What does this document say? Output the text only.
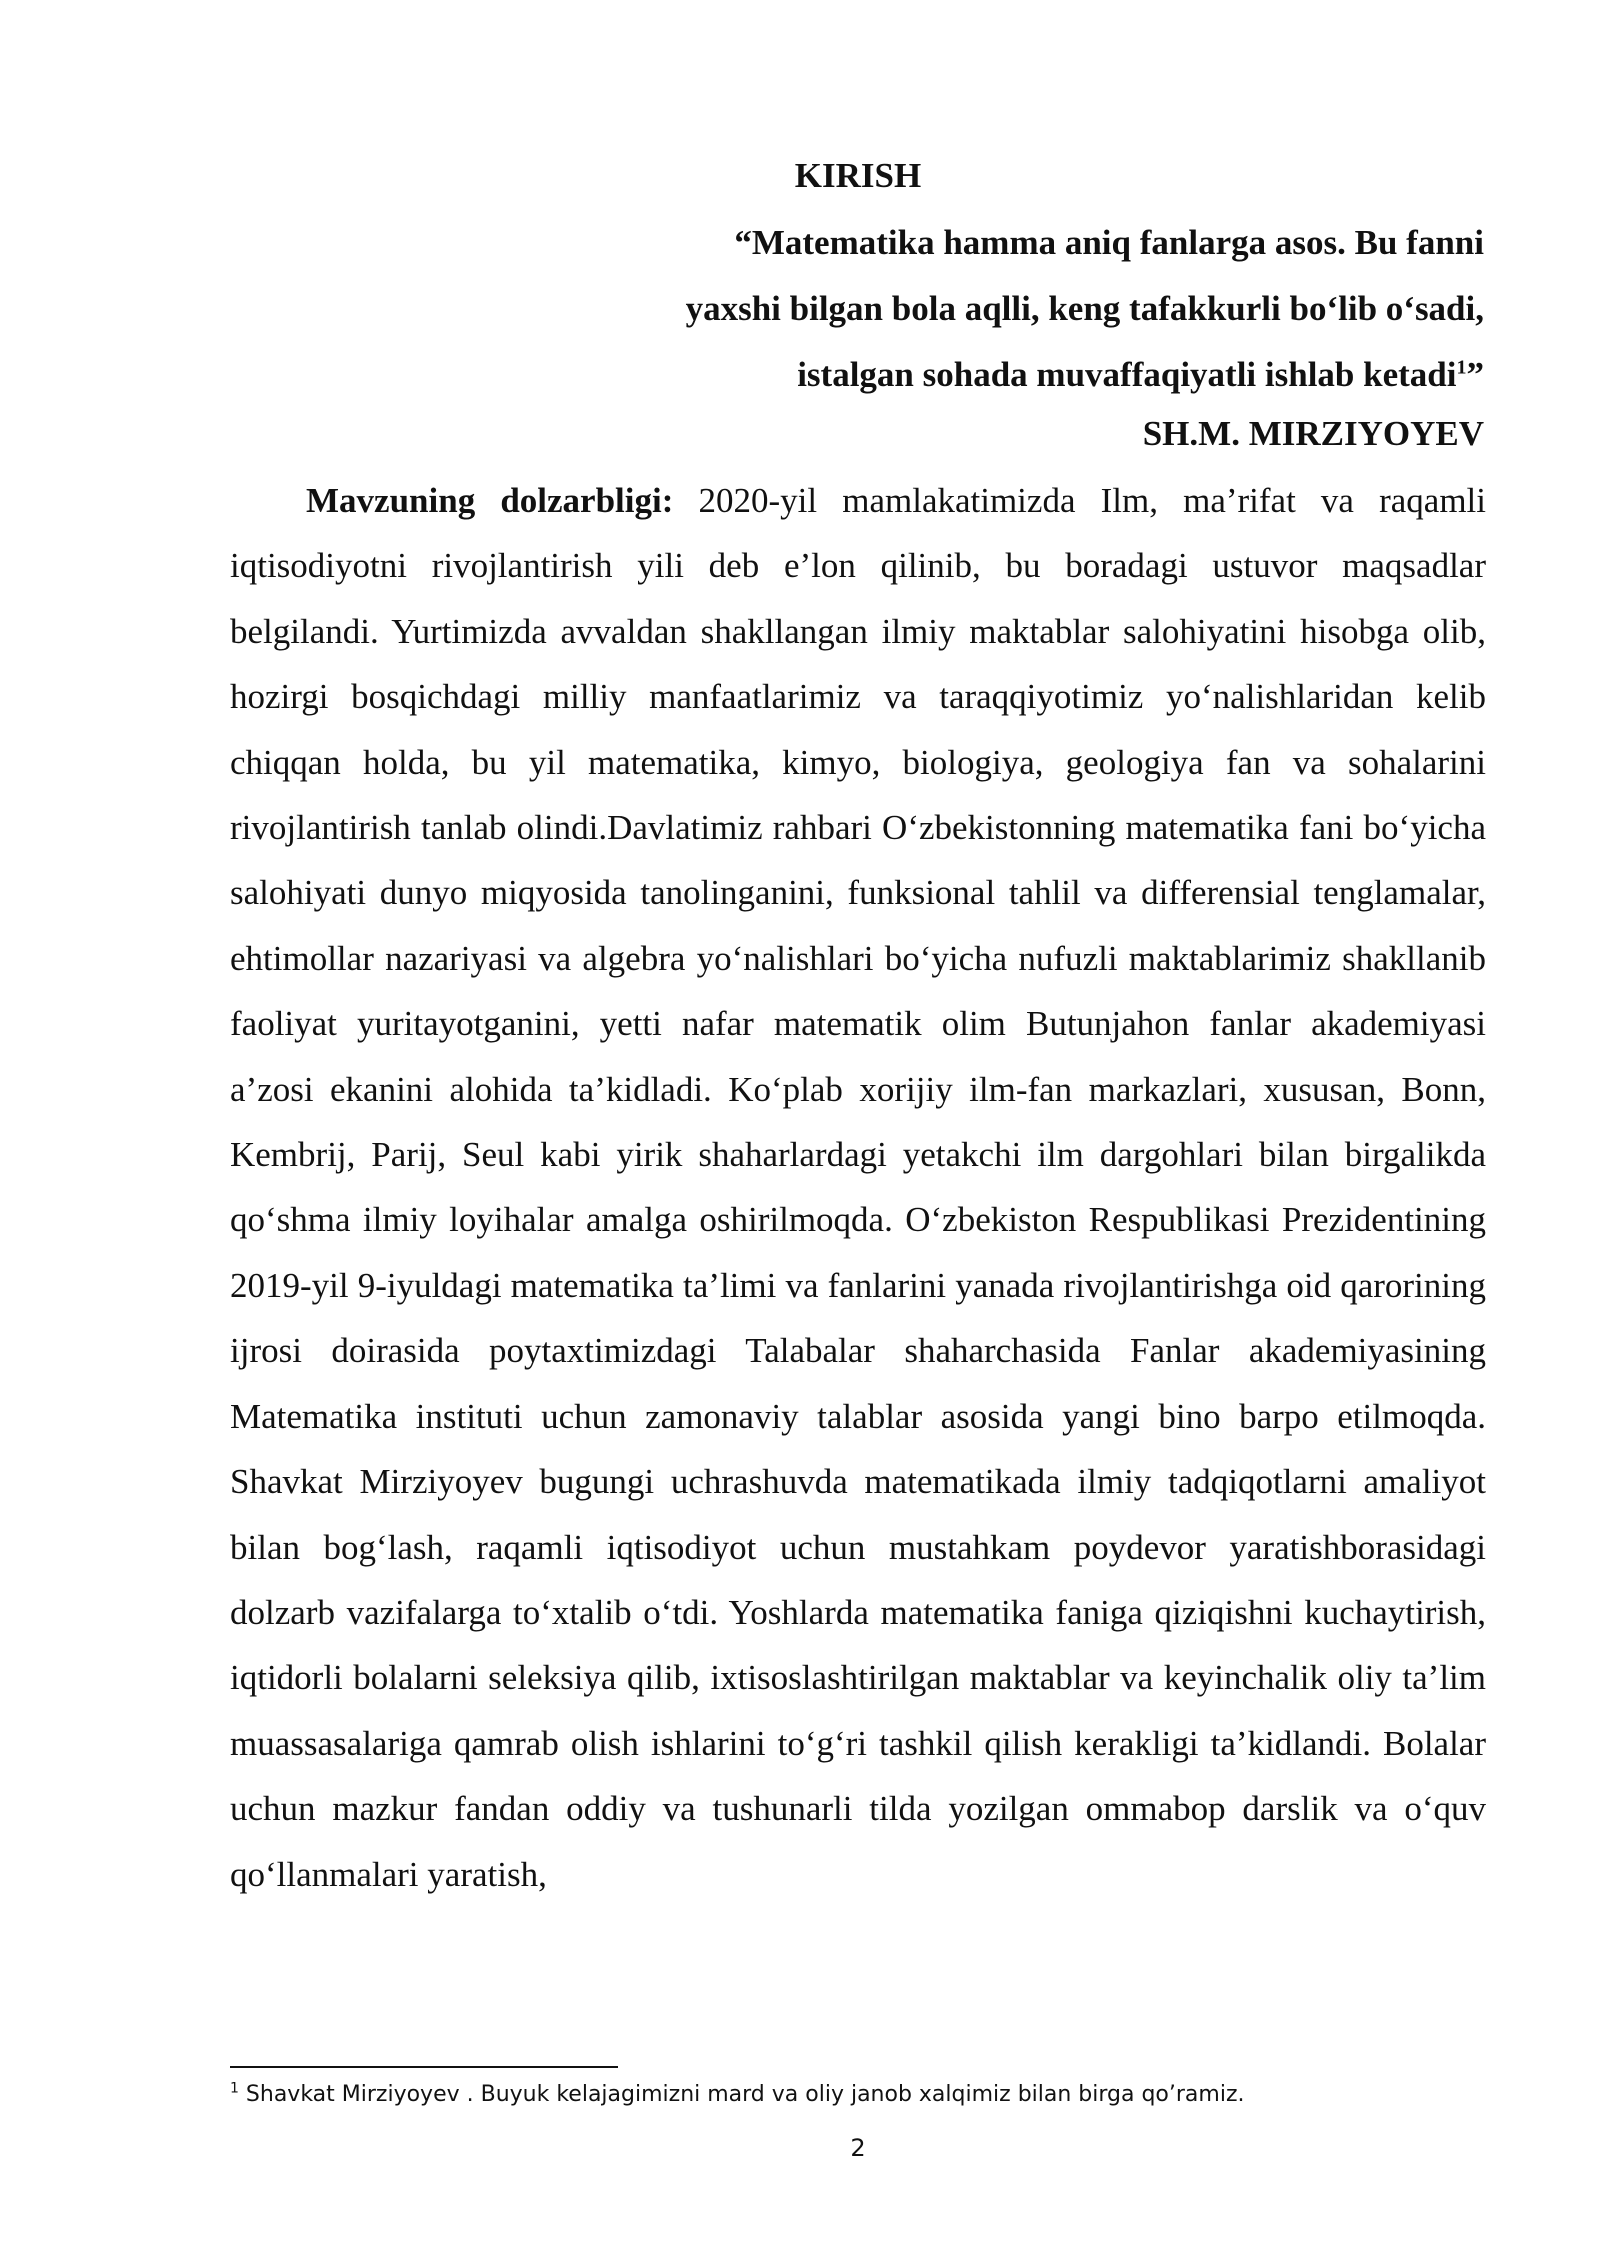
KIRISH
“Matematika hamma aniq fanlarga asos. Bu fanni
yaxshi bilgan bola aqlli, keng tafakkurli bo‘lib o‘sadi,
istalgan sohada muvaffaqiyatli ishlab ketadi$^1$”
SH.M. MIRZIYOYEV

Mavzuning dolzarbligi: 2020-yil mamlakatimizda Ilm, ma’rifat va raqamli iqtisodiyotni rivojlantirish yili deb e’lon qilinib, bu boradagi ustuvor maqsadlar belgilandi. Yurtimizda avvaldan shakllangan ilmiy maktablar salohiyatini hisobga olib, hozirgi bosqichdagi milliy manfaatlarimiz va taraqqiyotimiz yo‘nalishlaridan kelib chiqqan holda, bu yil matematika, kimyo, biologiya, geologiya fan va sohalarini rivojlantirish tanlab olindi.Davlatimiz rahbari O‘zbekistonning matematika fani bo‘yicha salohiyati dunyo miqyosida tanolinganini, funksional tahlil va differensial tenglamalar, ehtimollar nazariyasi va algebra yo‘nalishlari bo‘yicha nufuzli maktablarimiz shakllanib faoliyat yuritayotganini, yetti nafar matematik olim Butunjahon fanlar akademiyasi a’zosi ekanini alohida ta’kidladi. Ko‘plab xorijiy ilm-fan markazlari, xususan, Bonn, Kembrij, Parij, Seul kabi yirik shaharlardagi yetakchi ilm dargohlari bilan birgalikda qo‘shma ilmiy loyihalar amalga oshirilmoqda. O‘zbekiston Respublikasi Prezidentining 2019-yil 9-iyuldagi matematika ta’limi va fanlarini yanada rivojlantirishga oid qarorining ijrosi doirasida poytaxtimizdagi Talabalar shaharchasida Fanlar akademiyasining Matematika instituti uchun zamonaviy talablar asosida yangi bino barpo etilmoqda. Shavkat Mirziyoyev bugungi uchrashuvda matematikada ilmiy tadqiqotlarni amaliyot bilan bog‘lash, raqamli iqtisodiyot uchun mustahkam poydevor yaratishborasidagi dolzarb vazifalarga to‘xtalib o‘tdi. Yoshlarda matematika faniga qiziqishni kuchaytirish, iqtidorli bolalarni seleksiya qilib, ixtisoslashtirilgan maktablar va keyinchalik oliy ta’lim muassasalariga qamrab olish ishlarini to‘g‘ri tashkil qilish kerakligi ta’kidlandi. Bolalar uchun mazkur fandan oddiy va tushunarli tilda yozilgan ommabop darslik va o‘quv qo‘llanmalari yaratish,

$^1$ Shavkat Mirziyoyev . Buyuk kelajagimizni mard va oliy janob xalqimiz bilan birga qo’ramiz.
2
